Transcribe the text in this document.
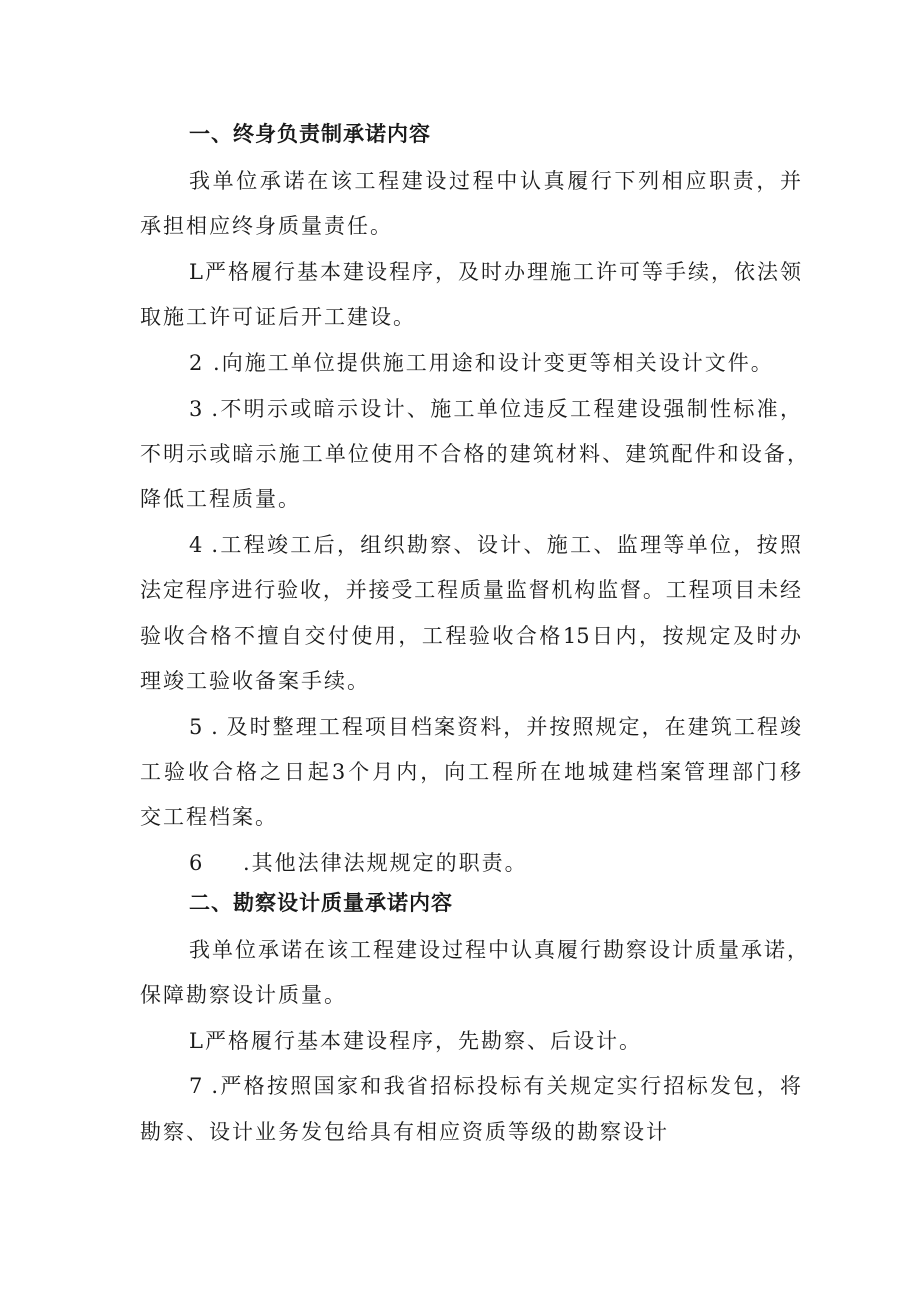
一、终身负责制承诺内容

我单位承诺在该工程建设过程中认真履行下列相应职责，并

承担相应终身质量责任。

L严格履行基本建设程序，及时办理施工许可等手续，依法领

取施工许可证后开工建设。

2 .向施工单位提供施工用途和设计变更等相关设计文件。

3 .不明示或暗示设计、施工单位违反工程建设强制性标准，

不明示或暗示施工单位使用不合格的建筑材料、建筑配件和设备，

降低工程质量。

4 .工程竣工后，组织勘察、设计、施工、监理等单位，按照

法定程序进行验收，并接受工程质量监督机构监督。工程项目未经

验收合格不擅自交付使用，工程验收合格15日内，按规定及时办

理竣工验收备案手续。

5 . 及时整理工程项目档案资料，并按照规定，在建筑工程竣

工验收合格之日起3个月内，向工程所在地城建档案管理部门移

交工程档案。

6 .其他法律法规规定的职责。

二、勘察设计质量承诺内容

我单位承诺在该工程建设过程中认真履行勘察设计质量承诺，

保障勘察设计质量。

L严格履行基本建设程序，先勘察、后设计。

7 .严格按照国家和我省招标投标有关规定实行招标发包，将

勘察、设计业务发包给具有相应资质等级的勘察设计
